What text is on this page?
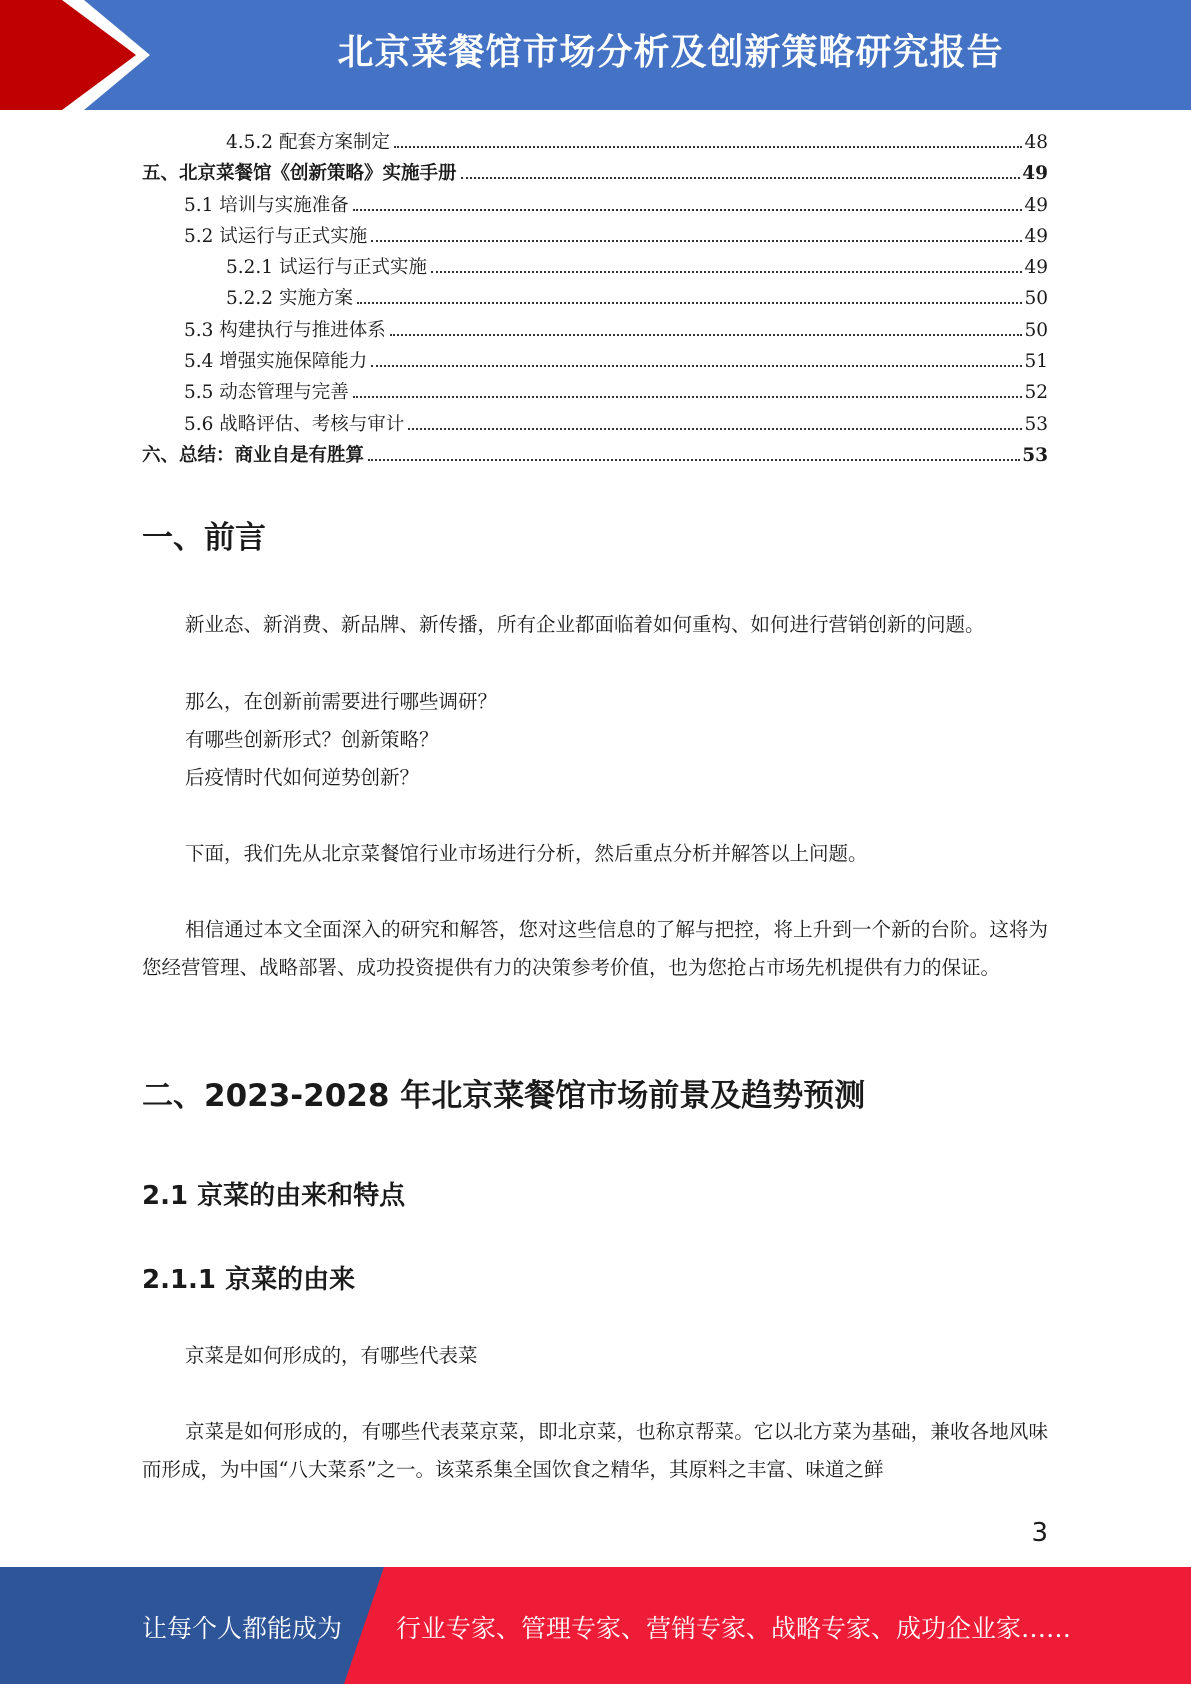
北京菜餐馆市场分析及创新策略研究报告
4.5.2 配套方案制定	48
五、北京菜餐馆《创新策略》实施手册	49
5.1 培训与实施准备	49
5.2 试运行与正式实施	49
5.2.1 试运行与正式实施	49
5.2.2 实施方案	50
5.3 构建执行与推进体系	50
5.4 增强实施保障能力	51
5.5 动态管理与完善	52
5.6 战略评估、考核与审计	53
六、总结：商业自是有胜算	53
一、前言
新业态、新消费、新品牌、新传播，所有企业都面临着如何重构、如何进行营销创新的问题。
那么，在创新前需要进行哪些调研？
有哪些创新形式？创新策略？
后疫情时代如何逆势创新？
下面，我们先从北京菜餐馆行业市场进行分析，然后重点分析并解答以上问题。
相信通过本文全面深入的研究和解答，您对这些信息的了解与把控，将上升到一个新的台阶。这将为您经营管理、战略部署、成功投资提供有力的决策参考价值，也为您抢占市场先机提供有力的保证。
二、2023-2028 年北京菜餐馆市场前景及趋势预测
2.1 京菜的由来和特点
2.1.1 京菜的由来
京菜是如何形成的，有哪些代表菜
京菜是如何形成的，有哪些代表菜京菜，即北京菜，也称京帮菜。它以北方菜为基础，兼收各地风味而形成，为中国“八大菜系”之一。该菜系集全国饮食之精华，其原料之丰富、味道之鲜
3
让每个人都能成为 行业专家、管理专家、营销专家、战略专家、成功企业家……
